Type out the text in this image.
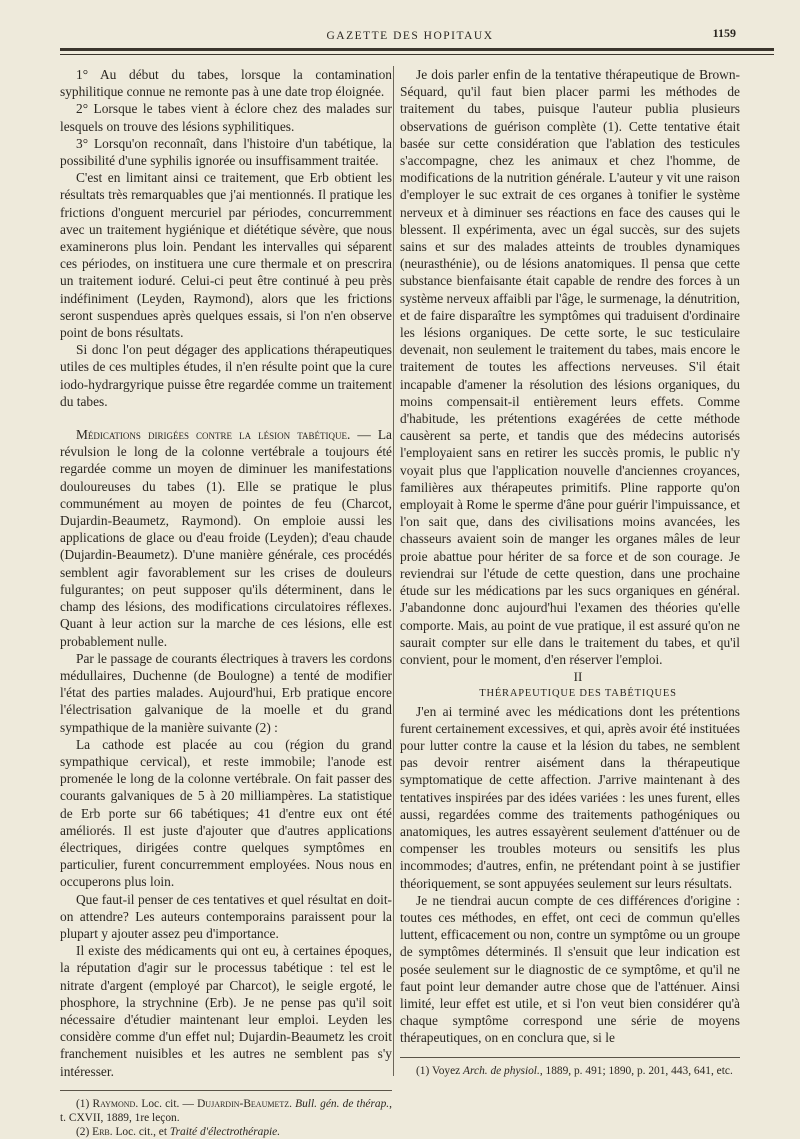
GAZETTE DES HOPITAUX	1159

1° Au début du tabes, lorsque la contamination syphilitique connue ne remonte pas à une date trop éloignée.

2° Lorsque le tabes vient à éclore chez des malades sur lesquels on trouve des lésions syphilitiques.

3° Lorsqu'on reconnaît, dans l'histoire d'un tabétique, la possibilité d'une syphilis ignorée ou insuffisamment traitée.

C'est en limitant ainsi ce traitement, que Erb obtient les résultats très remarquables que j'ai mentionnés. Il pratique les frictions d'onguent mercuriel par périodes, concurremment avec un traitement hygiénique et diététique sévère, que nous examinerons plus loin. Pendant les intervalles qui séparent ces périodes, on instituera une cure thermale et on prescrira un traitement ioduré. Celui-ci peut être continué à peu près indéfiniment (Leyden, Raymond), alors que les frictions seront suspendues après quelques essais, si l'on n'en observe point de bons résultats.

Si donc l'on peut dégager des applications thérapeutiques utiles de ces multiples études, il n'en résulte point que la cure iodo-hydrargyrique puisse être regardée comme un traitement du tabes.

Médications dirigées contre la lésion tabétique. — La révulsion le long de la colonne vertébrale a toujours été regardée comme un moyen de diminuer les manifestations douloureuses du tabes (1). Elle se pratique le plus communément au moyen de pointes de feu (Charcot, Dujardin-Beaumetz, Raymond). On emploie aussi les applications de glace ou d'eau froide (Leyden); d'eau chaude (Dujardin-Beaumetz). D'une manière générale, ces procédés semblent agir favorablement sur les crises de douleurs fulgurantes; on peut supposer qu'ils déterminent, dans le champ des lésions, des modifications circulatoires réflexes. Quant à leur action sur la marche de ces lésions, elle est probablement nulle.

Par le passage de courants électriques à travers les cordons médullaires, Duchenne (de Boulogne) a tenté de modifier l'état des parties malades. Aujourd'hui, Erb pratique encore l'électrisation galvanique de la moelle et du grand sympathique de la manière suivante (2) :

La cathode est placée au cou (région du grand sympathique cervical), et reste immobile; l'anode est promenée le long de la colonne vertébrale. On fait passer des courants galvaniques de 5 à 20 milliampères. La statistique de Erb porte sur 66 tabétiques; 41 d'entre eux ont été améliorés. Il est juste d'ajouter que d'autres applications électriques, dirigées contre quelques symptômes en particulier, furent concurremment employées. Nous nous en occuperons plus loin.

Que faut-il penser de ces tentatives et quel résultat en doit-on attendre? Les auteurs contemporains paraissent pour la plupart y ajouter assez peu d'importance.

Il existe des médicaments qui ont eu, à certaines époques, la réputation d'agir sur le processus tabétique : tel est le nitrate d'argent (employé par Charcot), le seigle ergoté, le phosphore, la strychnine (Erb). Je ne pense pas qu'il soit nécessaire d'étudier maintenant leur emploi. Leyden les considère comme d'un effet nul; Dujardin-Beaumetz les croit franchement nuisibles et les autres ne semblent pas s'y intéresser.

(1) Raymond. Loc. cit. — Dujardin-Beaumetz. Bull. gén. de thérap., t. CXVII, 1889, 1re leçon.

(2) Erb. Loc. cit., et Traité d'électrothérapie.

Je dois parler enfin de la tentative thérapeutique de Brown-Séquard, qu'il faut bien placer parmi les méthodes de traitement du tabes, puisque l'auteur publia plusieurs observations de guérison complète (1). Cette tentative était basée sur cette considération que l'ablation des testicules s'accompagne, chez les animaux et chez l'homme, de modifications de la nutrition générale. L'auteur y vit une raison d'employer le suc extrait de ces organes à tonifier le système nerveux et à diminuer ses réactions en face des causes qui le blessent. Il expérimenta, avec un égal succès, sur des sujets sains et sur des malades atteints de troubles dynamiques (neurasthénie), ou de lésions anatomiques. Il pensa que cette substance bienfaisante était capable de rendre des forces à un système nerveux affaibli par l'âge, le surmenage, la dénutrition, et de faire disparaître les symptômes qui traduisent d'ordinaire les lésions organiques. De cette sorte, le suc testiculaire devenait, non seulement le traitement du tabes, mais encore le traitement de toutes les affections nerveuses. S'il était incapable d'amener la résolution des lésions organiques, du moins compensait-il entièrement leurs effets. Comme d'habitude, les prétentions exagérées de cette méthode causèrent sa perte, et tandis que des médecins autorisés l'employaient sans en retirer les succès promis, le public n'y voyait plus que l'application nouvelle d'anciennes croyances, familières aux thérapeutes primitifs. Pline rapporte qu'on employait à Rome le sperme d'âne pour guérir l'impuissance, et l'on sait que, dans des civilisations moins avancées, les chasseurs avaient soin de manger les organes mâles de leur proie abattue pour hériter de sa force et de son courage. Je reviendrai sur l'étude de cette question, dans une prochaine étude sur les médications par les sucs organiques en général. J'abandonne donc aujourd'hui l'examen des théories qu'elle comporte. Mais, au point de vue pratique, il est assuré qu'on ne saurait compter sur elle dans le traitement du tabes, et qu'il convient, pour le moment, d'en réserver l'emploi.

II

THÉRAPEUTIQUE DES TABÉTIQUES

J'en ai terminé avec les médications dont les prétentions furent certainement excessives, et qui, après avoir été instituées pour lutter contre la cause et la lésion du tabes, ne semblent pas devoir rentrer aisément dans la thérapeutique symptomatique de cette affection. J'arrive maintenant à des tentatives inspirées par des idées variées : les unes furent, elles aussi, regardées comme des traitements pathogéniques ou anatomiques, les autres essayèrent seulement d'atténuer ou de compenser les troubles moteurs ou sensitifs les plus incommodes; d'autres, enfin, ne prétendant point à se justifier théoriquement, se sont appuyées seulement sur leurs résultats.

Je ne tiendrai aucun compte de ces différences d'origine : toutes ces méthodes, en effet, ont ceci de commun qu'elles luttent, efficacement ou non, contre un symptôme ou un groupe de symptômes déterminés. Il s'ensuit que leur indication est posée seulement sur le diagnostic de ce symptôme, et qu'il ne faut point leur demander autre chose que de l'atténuer. Ainsi limité, leur effet est utile, et si l'on veut bien considérer qu'à chaque symptôme correspond une série de moyens thérapeutiques, on en conclura que, si le

(1) Voyez Arch. de physiol., 1889, p. 491; 1890, p. 201, 443, 641, etc.
